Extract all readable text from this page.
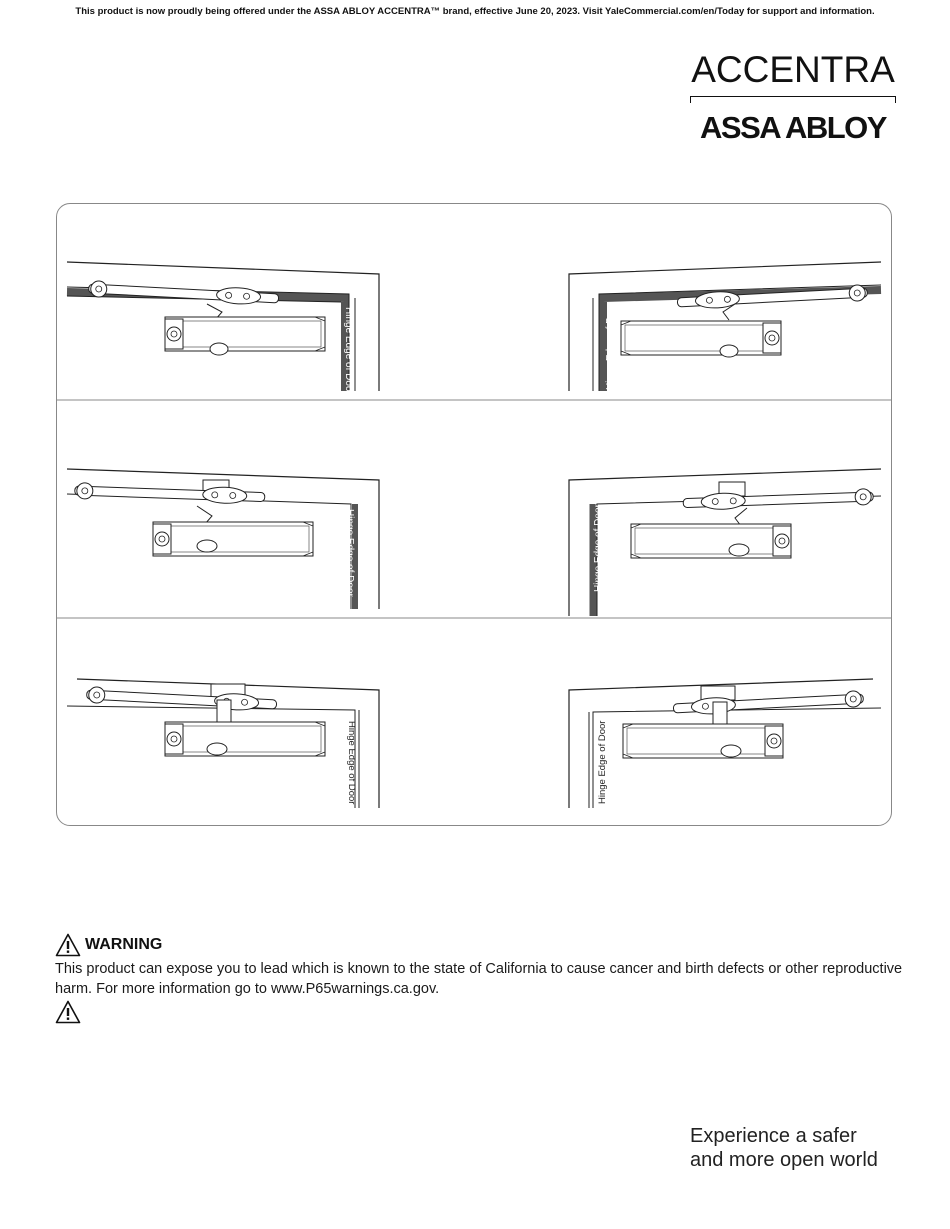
This product is now proudly being offered under the ASSA ABLOY ACCENTRA™ brand, effective June 20, 2023. Visit YaleCommercial.com/en/Today for support and information.
ACCENTRA
ASSA ABLOY
Hinge Edge of Door	Hinge Edge of Door
Hinge Edge of Door	Hinge Edge of Door
Hinge Edge of Door	Hinge Edge of Door
WARNING
This product can expose you to lead which is known to the state of California to cause cancer and birth defects or other reproductive harm. For more information go to www.P65warnings.ca.gov.
Experience a safer
and more open world
